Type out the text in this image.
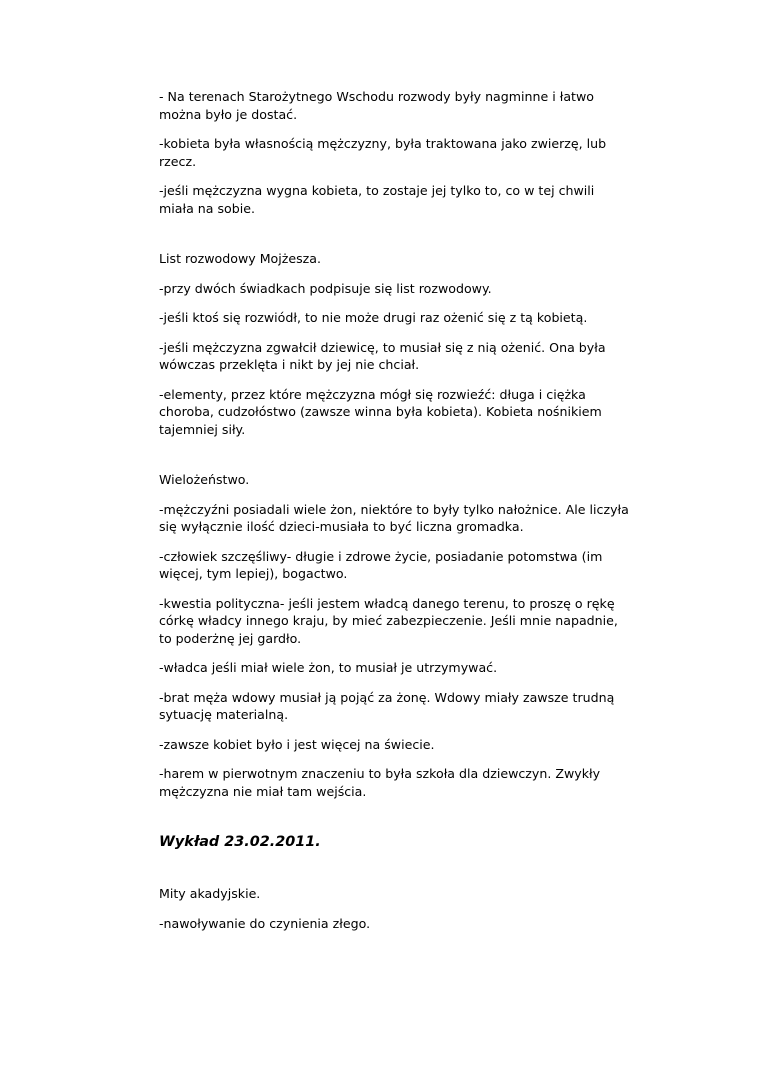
- Na terenach Starożytnego Wschodu rozwody były nagminne i łatwo można było je dostać.

-kobieta była własnością mężczyzny, była traktowana jako zwierzę, lub rzecz.

-jeśli mężczyzna wygna kobieta, to zostaje jej tylko to, co w tej chwili miała na sobie.

List rozwodowy Mojżesza.

-przy dwóch świadkach podpisuje się list rozwodowy.

-jeśli ktoś się rozwiódł, to nie może drugi raz ożenić się z tą kobietą.

-jeśli mężczyzna zgwałcił dziewicę, to musiał się z nią ożenić. Ona była wówczas przeklęta i nikt by jej nie chciał.

-elementy, przez które mężczyzna mógł się rozwieźć: długa i ciężka choroba, cudzołóstwo (zawsze winna była kobieta). Kobieta nośnikiem tajemniej siły.

Wielożeństwo.

-mężczyźni posiadali wiele żon, niektóre to były tylko nałożnice. Ale liczyła się wyłącznie ilość dzieci-musiała to być liczna gromadka.

-człowiek szczęśliwy- długie i zdrowe życie, posiadanie potomstwa (im więcej, tym lepiej), bogactwo.

-kwestia polityczna- jeśli jestem władcą danego terenu, to proszę o rękę córkę władcy innego kraju, by mieć zabezpieczenie. Jeśli mnie napadnie, to poderżnę jej gardło.

-władca jeśli miał wiele żon, to musiał je utrzymywać.

-brat męża wdowy musiał ją pojąć za żonę. Wdowy miały zawsze trudną sytuację materialną.

-zawsze kobiet było i jest więcej na świecie.

-harem w pierwotnym znaczeniu to była szkoła dla dziewczyn. Zwykły mężczyzna nie miał tam wejścia.

Wykład 23.02.2011.

Mity akadyjskie.

-nawoływanie do czynienia złego.
